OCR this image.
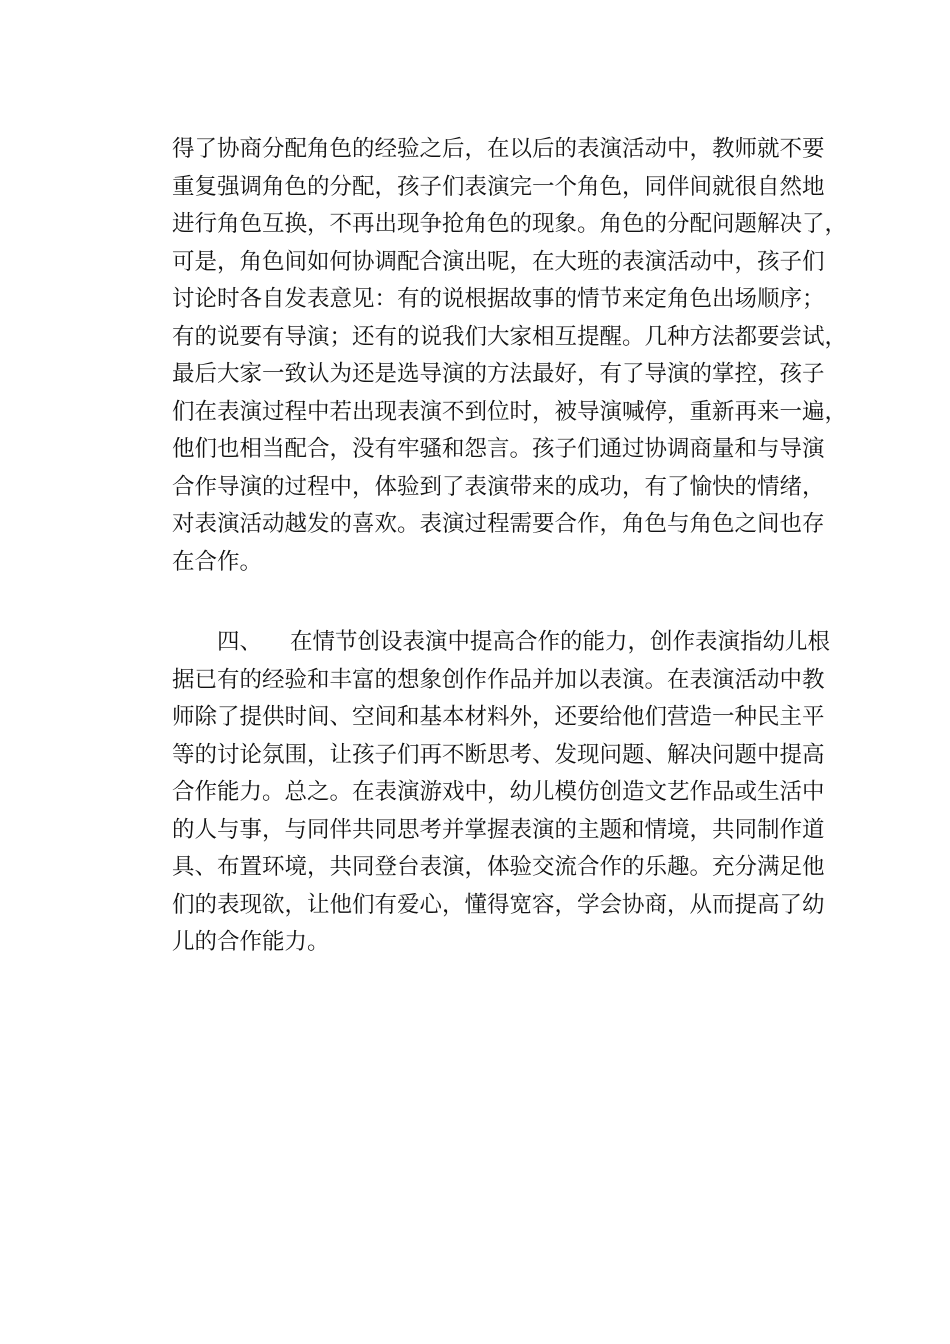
得了协商分配角色的经验之后，在以后的表演活动中，教师就不要
重复强调角色的分配，孩子们表演完一个角色，同伴间就很自然地
进行角色互换，不再出现争抢角色的现象。角色的分配问题解决了，
可是，角色间如何协调配合演出呢，在大班的表演活动中，孩子们
讨论时各自发表意见：有的说根据故事的情节来定角色出场顺序；
有的说要有导演；还有的说我们大家相互提醒。几种方法都要尝试，
最后大家一致认为还是选导演的方法最好，有了导演的掌控，孩子
们在表演过程中若出现表演不到位时，被导演喊停，重新再来一遍，
他们也相当配合，没有牢骚和怨言。孩子们通过协调商量和与导演
合作导演的过程中，体验到了表演带来的成功，有了愉快的情绪，
对表演活动越发的喜欢。表演过程需要合作，角色与角色之间也存
在合作。
四、 在情节创设表演中提高合作的能力，创作表演指幼儿根
据已有的经验和丰富的想象创作作品并加以表演。在表演活动中教
师除了提供时间、空间和基本材料外，还要给他们营造一种民主平
等的讨论氛围，让孩子们再不断思考、发现问题、解决问题中提高
合作能力。总之。在表演游戏中，幼儿模仿创造文艺作品或生活中
的人与事，与同伴共同思考并掌握表演的主题和情境，共同制作道
具、布置环境，共同登台表演，体验交流合作的乐趣。充分满足他
们的表现欲，让他们有爱心，懂得宽容，学会协商，从而提高了幼
儿的合作能力。
